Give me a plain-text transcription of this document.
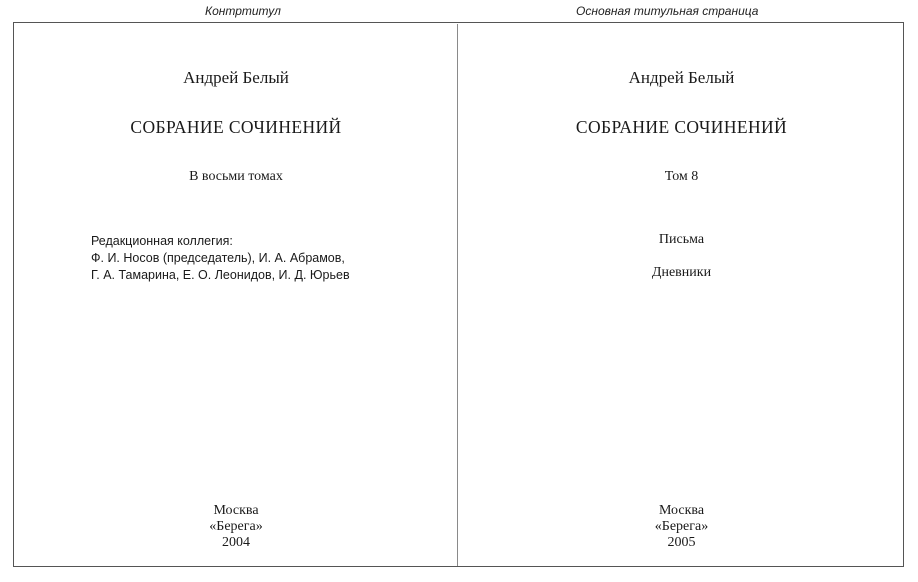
Контртитул	Основная титульная страница
Андрей Белый
СОБРАНИЕ СОЧИНЕНИЙ
В восьми томах
Редакционная коллегия:
Ф. И. Носов (председатель), И. А. Абрамов,
Г. А. Тамарина, Е. О. Леонидов, И. Д. Юрьев
Москва
«Берега»
2004
Андрей Белый
СОБРАНИЕ СОЧИНЕНИЙ
Том 8
Письма
Дневники
Москва
«Берега»
2005
